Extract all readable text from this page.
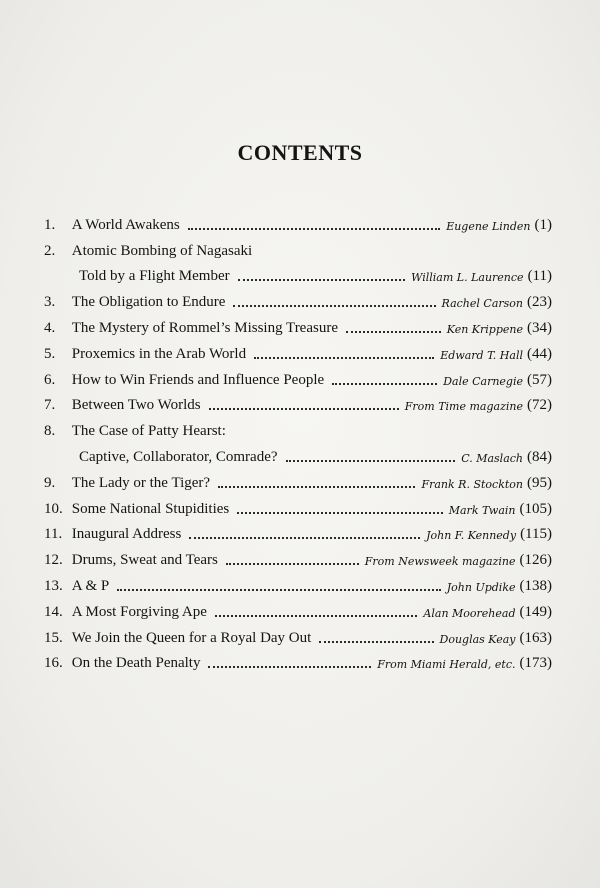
CONTENTS
1.
	A World Awakens	Eugene Linden (1)
2.
	Atomic Bombing of Nagasaki
Told by a Flight Member	William L. Laurence (11)
3.
	The Obligation to Endure	Rachel Carson (23)
4.
	The Mystery of Rommel’s Missing Treasure	Ken Krippene (34)
5.
	Proxemics in the Arab World	Edward T. Hall (44)
6.
	How to Win Friends and Influence People	Dale Carnegie (57)
7.
	Between Two Worlds	From Time magazine (72)
8.
	The Case of Patty Hearst:
Captive, Collaborator, Comrade?	C. Maslach (84)
9.
	The Lady or the Tiger?	Frank R. Stockton (95)
10.
Some National Stupidities	Mark Twain (105)
11.
Inaugural Address	John F. Kennedy (115)
12.
Drums, Sweat and Tears	From Newsweek magazine (126)
13.
A & P	John Updike (138)
14.
A Most Forgiving Ape	Alan Moorehead (149)
15.
We Join the Queen for a Royal Day Out	Douglas Keay (163)
16.
On the Death Penalty	From Miami Herald, etc. (173)
